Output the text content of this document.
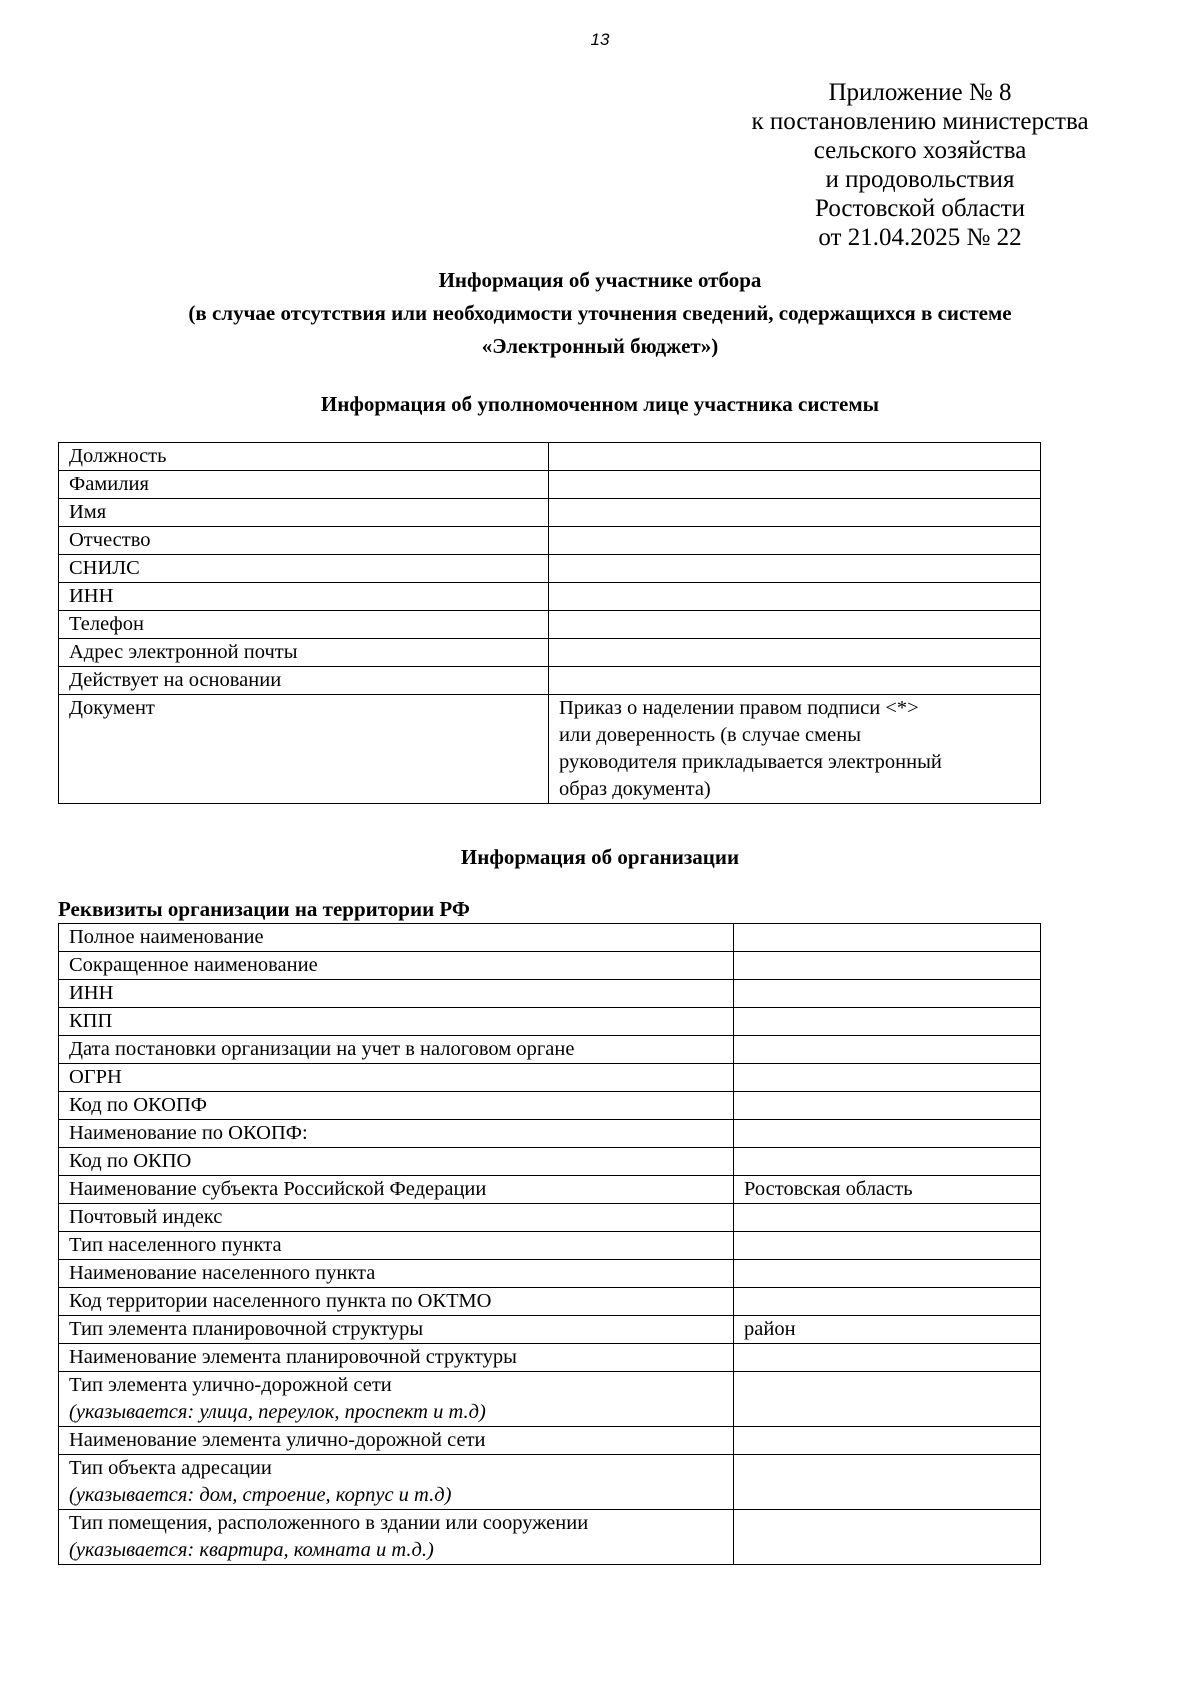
13
Приложение № 8
к постановлению министерства
сельского хозяйства
и продовольствия
Ростовской области
от 21.04.2025 № 22
Информация об участнике отбора
(в случае отсутствия или необходимости уточнения сведений, содержащихся в системе
«Электронный бюджет»)
Информация об уполномоченном лице участника системы
Должность	
Фамилия	
Имя	
Отчество	
СНИЛС	
ИНН	
Телефон	
Адрес электронной почты	
Действует на основании	
Документ	Приказ о наделении правом подписи <*>
или доверенность (в случае смены
руководителя прикладывается электронный
образ документа)
Информация об организации
Реквизиты организации на территории РФ
Полное наименование	
Сокращенное наименование	
ИНН	
КПП	
Дата постановки организации на учет в налоговом органе	
ОГРН	
Код по ОКОПФ	
Наименование по ОКОПФ:	
Код по ОКПО	
Наименование субъекта Российской Федерации	Ростовская область
Почтовый индекс	
Тип населенного пункта	
Наименование населенного пункта	
Код территории населенного пункта по ОКТМО	
Тип элемента планировочной структуры	район
Наименование элемента планировочной структуры	

Тип элемента улично-дорожной сети
(указывается: улица, переулок, проспект и т.д)	

Наименование элемента улично-дорожной сети	

Тип объекта адресации
(указывается: дом, строение, корпус и т.д)	

Тип помещения, расположенного в здании или сооружении
(указывается: квартира, комната и т.д.)	
